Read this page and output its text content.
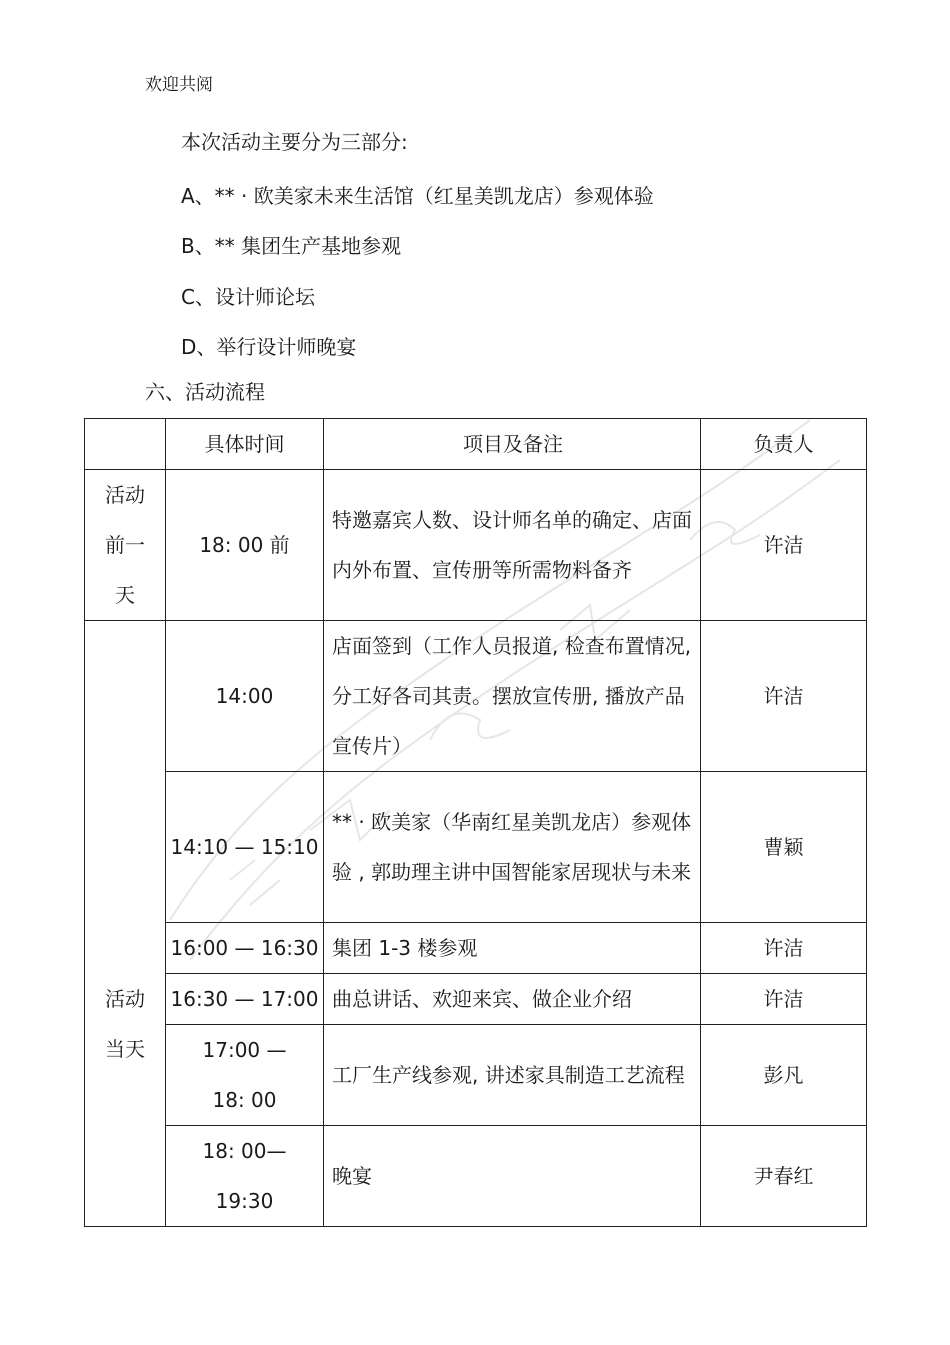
欢迎共阅
本次活动主要分为三部分:
A、** · 欧美家未来生活馆（红星美凯龙店）参观体验
B、** 集团生产基地参观
C、设计师论坛
D、举行设计师晚宴
六、活动流程
	具体时间	项目及备注	负责人
活动前一天	18: 00 前	特邀嘉宾人数、设计师名单的确定、店面内外布置、宣传册等所需物料备齐	许洁
活动当天	14:00	店面签到（工作人员报道, 检查布置情况, 分工好各司其责。摆放宣传册, 播放产品宣传片）	许洁
	14:10 — 15:10	** · 欧美家（华南红星美凯龙店）参观体验 , 郭助理主讲中国智能家居现状与未来	曹颖
	16:00 — 16:30	集团 1-3 楼参观	许洁
	16:30 — 17:00	曲总讲话、欢迎来宾、做企业介绍	许洁
	17:00 — 18: 00	工厂生产线参观, 讲述家具制造工艺流程	彭凡
	18: 00— 19:30	晚宴	尹春红
